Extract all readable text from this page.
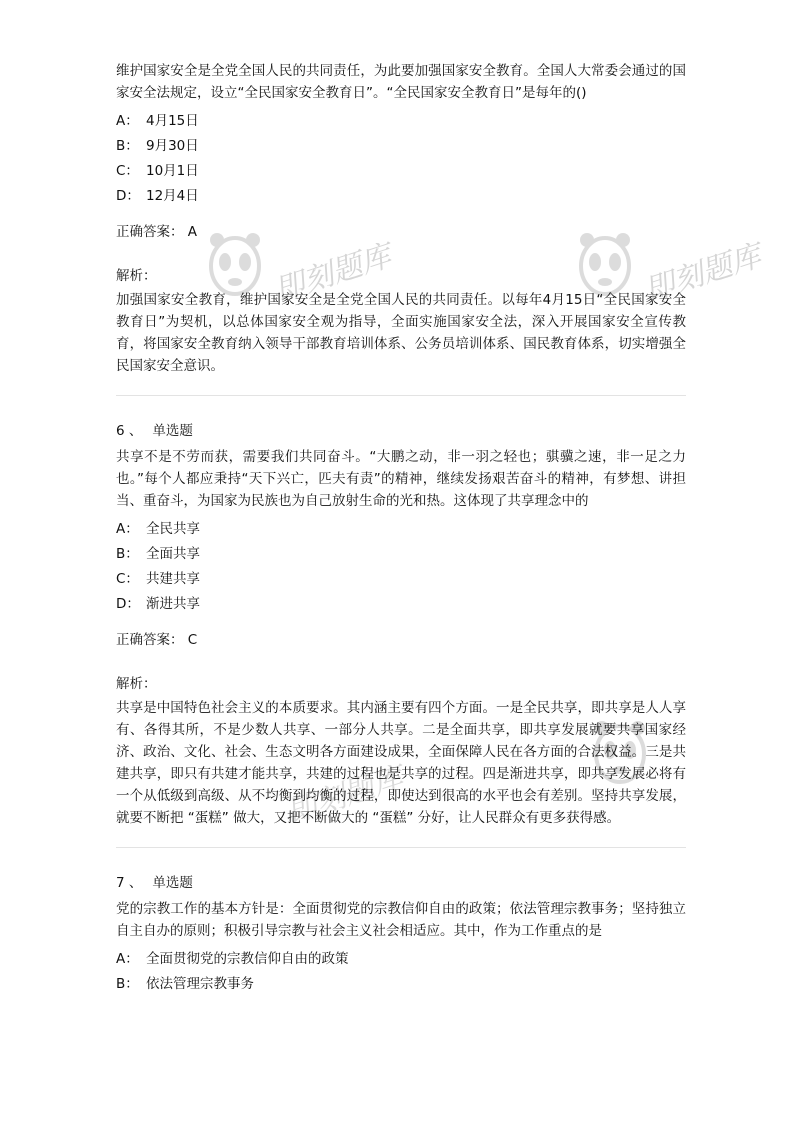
即刻题库	即刻题库
即刻题库

维护国家安全是全党全国人民的共同责任，为此要加强国家安全教育。全国人大常委会通过的国家安全法规定，设立“全民国家安全教育日”。“全民国家安全教育日”是每年的()

A： 4月15日
B： 9月30日
C： 10月1日
D： 12月4日

正确答案： A

解析：

加强国家安全教育，维护国家安全是全党全国人民的共同责任。以每年4月15日“全民国家安全教育日”为契机，以总体国家安全观为指导，全面实施国家安全法，深入开展国家安全宣传教育，将国家安全教育纳入领导干部教育培训体系、公务员培训体系、国民教育体系，切实增强全民国家安全意识。

6 、 单选题

共享不是不劳而获，需要我们共同奋斗。“大鹏之动，非一羽之轻也；骐骥之速，非一足之力也。”每个人都应秉持“天下兴亡，匹夫有责”的精神，继续发扬艰苦奋斗的精神，有梦想、讲担当、重奋斗，为国家为民族也为自己放射生命的光和热。这体现了共享理念中的

A： 全民共享
B： 全面共享
C： 共建共享
D： 渐进共享

正确答案： C

解析：

共享是中国特色社会主义的本质要求。其内涵主要有四个方面。一是全民共享，即共享是人人享有、各得其所，不是少数人共享、一部分人共享。二是全面共享，即共享发展就要共享国家经济、政治、文化、社会、生态文明各方面建设成果，全面保障人民在各方面的合法权益。三是共建共享，即只有共建才能共享，共建的过程也是共享的过程。四是渐进共享，即共享发展必将有一个从低级到高级、从不均衡到均衡的过程，即使达到很高的水平也会有差别。坚持共享发展，就要不断把 “蛋糕” 做大，又把不断做大的 “蛋糕” 分好，让人民群众有更多获得感。

7 、 单选题

党的宗教工作的基本方针是：全面贯彻党的宗教信仰自由的政策；依法管理宗教事务；坚持独立自主自办的原则；积极引导宗教与社会主义社会相适应。其中，作为工作重点的是

A： 全面贯彻党的宗教信仰自由的政策
B： 依法管理宗教事务
